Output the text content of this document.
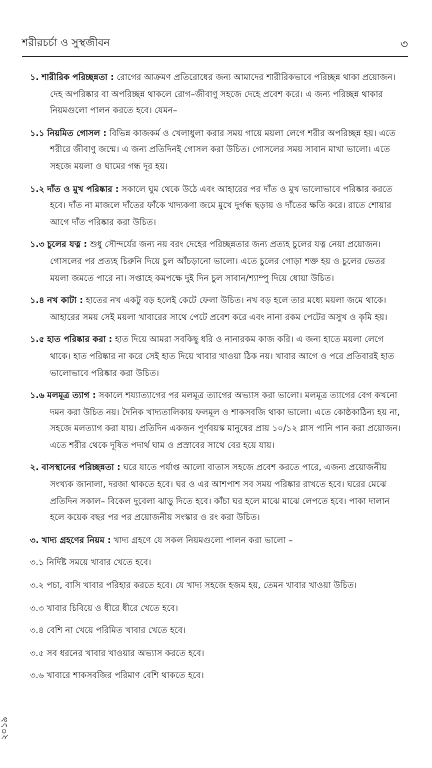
শরীরচর্চা ও সুস্থজীবন	৩
১. শারীরিক পরিচ্ছন্নতা : রোগের আক্রমণ প্রতিরোধের জন্য আমাদের শারীরিকভাবে পরিচ্ছন্ন থাকা প্রয়োজন। দেহ অপরিষ্কার বা অপরিচ্ছন্ন থাকলে রোগ–জীবাণু সহজে দেহে প্রবেশ করে। এ জন্য পরিচ্ছন্ন থাকার নিয়মগুলো পালন করতে হবে। যেমন–
১.১ নিয়মিত গোসল : বিভিন্ন কাজকর্ম ও খেলাধুলা করার সময় গায়ে ময়লা লেগে শরীর অপরিচ্ছন্ন হয়। এতে শরীরে জীবাণু জন্মে। এ জন্য প্রতিদিনই গোসল করা উচিত। গোসলের সময় সাবান মাখা ভালো। এতে সহজে ময়লা ও ঘামের গন্ধ দূর হয়।
১.২ দাঁত ও মুখ পরিষ্কার : সকালে ঘুম থেকে উঠে এবং আহারের পর দাঁত ও মুখ ভালোভাবে পরিষ্কার করতে হবে। দাঁত না মাজলে দাঁতের ফাঁকে খাদ্যকণা জমে মুখে দুর্গন্ধ ছড়ায় ও দাঁতের ক্ষতি করে। রাতে শোয়ার আগে দাঁত পরিষ্কার করা উচিত।
১.৩ চুলের যত্ন : শুধু সৌন্দর্যের জন্য নয় বরং দেহের পরিচ্ছন্নতার জন্য প্রত্যহ চুলের যত্ন নেয়া প্রয়োজন। গোসলের পর প্রত্যহ চিরুনি দিয়ে চুল আঁচড়ানো ভালো। এতে চুলের গোড়া শক্ত হয় ও চুলের ভেতর ময়লা জমতে পারে না। সপ্তাহে কমপক্ষে দুই দিন চুল সাবান/শ্যাম্পু দিয়ে ধোয়া উচিত।
১.৪ নখ কাটা : হাতের নখ একটু বড় হলেই কেটে ফেলা উচিত। নখ বড় হলে তার মধ্যে ময়লা জমে থাকে। আহারের সময় সেই ময়লা খাবারের সাথে পেটে প্রবেশ করে এবং নানা রকম পেটের অসুখ ও কৃমি হয়।
১.৫ হাত পরিষ্কার করা : হাত দিয়ে আমরা সবকিছু ধরি ও নানারকম কাজ করি। এ জন্য হাতে ময়লা লেগে থাকে। হাত পরিষ্কার না করে সেই হাত দিয়ে খাবার খাওয়া ঠিক নয়। খাবার আগে ও পরে প্রতিবারই হাত ভালোভাবে পরিষ্কার করা উচিত।
১.৬ মলমূত্র ত্যাগ : সকালে শয্যাত্যাগের পর মলমূত্র ত্যাগের অভ্যাস করা ভালো। মলমূত্র ত্যাগের বেগ কখনো দমন করা উচিত নয়। দৈনিক খাদ্যতালিকায় ফলমূল ও শাকসবজি থাকা ভালো। এতে কোষ্ঠকাঠিন্য হয় না, সহজে মলত্যাগ করা যায়। প্রতিদিন একজন পূর্ণবয়স্ক মানুষের প্রায় ১০/১২ গ্লাস পানি পান করা প্রয়োজন। এতে শরীর থেকে দূষিত পদার্থ ঘাম ও প্রস্রাবের সাথে বের হয়ে যায়।
২. বাসস্থানের পরিচ্ছন্নতা : ঘরে যাতে পর্যাপ্ত আলো বাতাস সহজে প্রবেশ করতে পারে, এজন্য প্রয়োজনীয় সংখ্যক জানালা, দরজা থাকতে হবে। ঘর ও এর আশপাশ সব সময় পরিষ্কার রাখতে হবে। ঘরের মেঝে প্রতিদিন সকাল– বিকেল দুবেলা ঝাড়ু দিতে হবে। কাঁচা ঘর হলে মাঝে মাঝে লেপতে হবে। পাকা দালান হলে কয়েক বছর পর পর প্রয়োজনীয় সংস্কার ও রং করা উচিত।
৩. খাদ্য গ্রহণের নিয়ম : খাদ্য গ্রহণে যে সকল নিয়মগুলো পালন করা ভালো –
৩.১ নির্দিষ্ট সময়ে খাবার খেতে হবে।
৩.২ পচা, বাসি খাবার পরিহার করতে হবে। যে খাদ্য সহজে হজম হয়, তেমন খাবার খাওয়া উচিত।
৩.৩ খাবার চিবিয়ে ও ধীরে ধীরে খেতে হবে।
৩.৪ বেশি না খেয়ে পরিমিত খাবার খেতে হবে।
৩.৫ সব ধরনের খাবার খাওয়ার অভ্যাস করতে হবে।
৩.৬ খাবারে শাকসবজির পরিমাণ বেশি থাকতে হবে।
২০১৯
